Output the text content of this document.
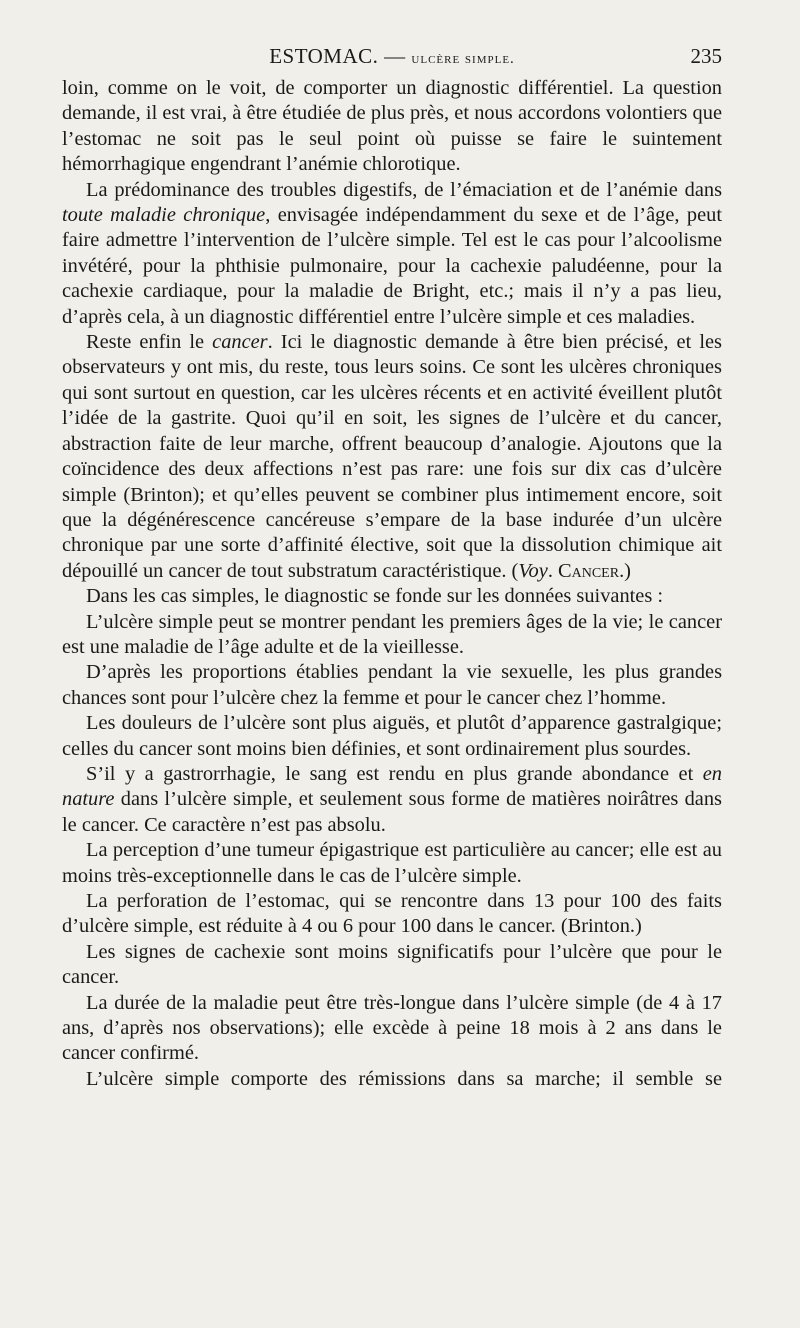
ESTOMAC. — ulcère simple.	235

loin, comme on le voit, de comporter un diagnostic différentiel. La question demande, il est vrai, à être étudiée de plus près, et nous accordons volontiers que l’estomac ne soit pas le seul point où puisse se faire le suintement hémorrhagique engendrant l’anémie chlorotique.

La prédominance des troubles digestifs, de l’émaciation et de l’anémie dans toute maladie chronique, envisagée indépendamment du sexe et de l’âge, peut faire admettre l’intervention de l’ulcère simple. Tel est le cas pour l’alcoolisme invétéré, pour la phthisie pulmonaire, pour la cachexie paludéenne, pour la cachexie cardiaque, pour la maladie de Bright, etc.; mais il n’y a pas lieu, d’après cela, à un diagnostic différentiel entre l’ulcère simple et ces maladies.

Reste enfin le cancer. Ici le diagnostic demande à être bien précisé, et les observateurs y ont mis, du reste, tous leurs soins. Ce sont les ulcères chroniques qui sont surtout en question, car les ulcères récents et en activité éveillent plutôt l’idée de la gastrite. Quoi qu’il en soit, les signes de l’ulcère et du cancer, abstraction faite de leur marche, offrent beaucoup d’analogie. Ajoutons que la coïncidence des deux affections n’est pas rare: une fois sur dix cas d’ulcère simple (Brinton); et qu’elles peuvent se combiner plus intimement encore, soit que la dégénérescence cancéreuse s’empare de la base indurée d’un ulcère chronique par une sorte d’affinité élective, soit que la dissolution chimique ait dépouillé un cancer de tout substratum caractéristique. (Voy. Cancer.)

Dans les cas simples, le diagnostic se fonde sur les données suivantes :

L’ulcère simple peut se montrer pendant les premiers âges de la vie; le cancer est une maladie de l’âge adulte et de la vieillesse.

D’après les proportions établies pendant la vie sexuelle, les plus grandes chances sont pour l’ulcère chez la femme et pour le cancer chez l’homme.

Les douleurs de l’ulcère sont plus aiguës, et plutôt d’apparence gastralgique; celles du cancer sont moins bien définies, et sont ordinairement plus sourdes.

S’il y a gastrorrhagie, le sang est rendu en plus grande abondance et en nature dans l’ulcère simple, et seulement sous forme de matières noirâtres dans le cancer. Ce caractère n’est pas absolu.

La perception d’une tumeur épigastrique est particulière au cancer; elle est au moins très-exceptionnelle dans le cas de l’ulcère simple.

La perforation de l’estomac, qui se rencontre dans 13 pour 100 des faits d’ulcère simple, est réduite à 4 ou 6 pour 100 dans le cancer. (Brinton.)

Les signes de cachexie sont moins significatifs pour l’ulcère que pour le cancer.

La durée de la maladie peut être très-longue dans l’ulcère simple (de 4 à 17 ans, d’après nos observations); elle excède à peine 18 mois à 2 ans dans le cancer confirmé.

L’ulcère simple comporte des rémissions dans sa marche; il semble se
